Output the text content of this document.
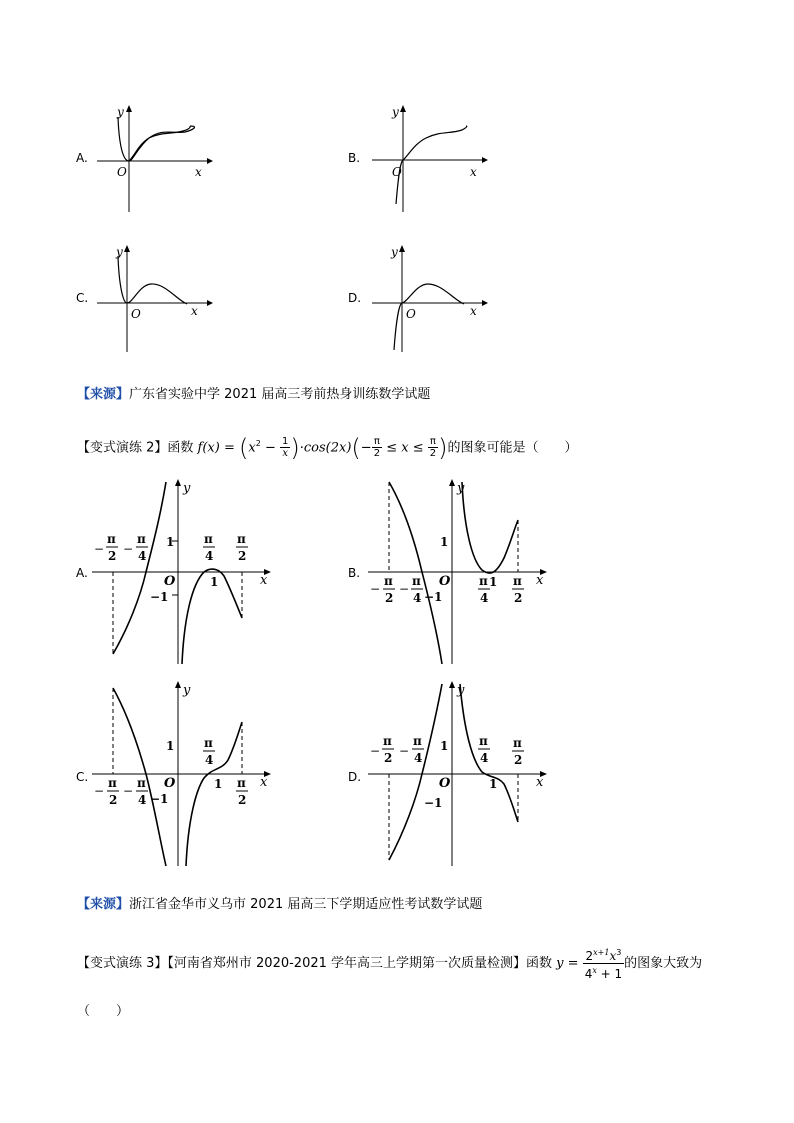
A.
O	x
y
B.
O	x
y
C.
O	x
y
D.
O	x
y
【来源】广东省实验中学 2021 届高三考前热身训练数学试题
【变式演练 2】函数 $f(x) = (x^2 - \frac{1}{x} )\cdot\cos(2x)(- \frac{\pi}{2} \le x \le \frac{\pi}{2}$ )的图象可能是（　　）
A.
−
π
2 −
π
4
1
−1
π
4
π
2
O	1	x
y
B.
−
π
2
−
π
4
1
−1
π
4
1 π
2
O	x
y
C.
−
π
2
−
π
4
1
−1
π
4
1 π
2
O	x
y
D.
−
π
2 −
π
4
1
−1
π
4
1
π
2
O	x
y
【来源】浙江省金华市义乌市 2021 届高三下学期适应性考试数学试题
【变式演练 3】【河南省郑州市 2020-2021 学年高三上学期第一次质量检测】函数 $y = \frac{2^{x+1}x^3}{4^x + 1}$ 的图象大致为
（　　）
